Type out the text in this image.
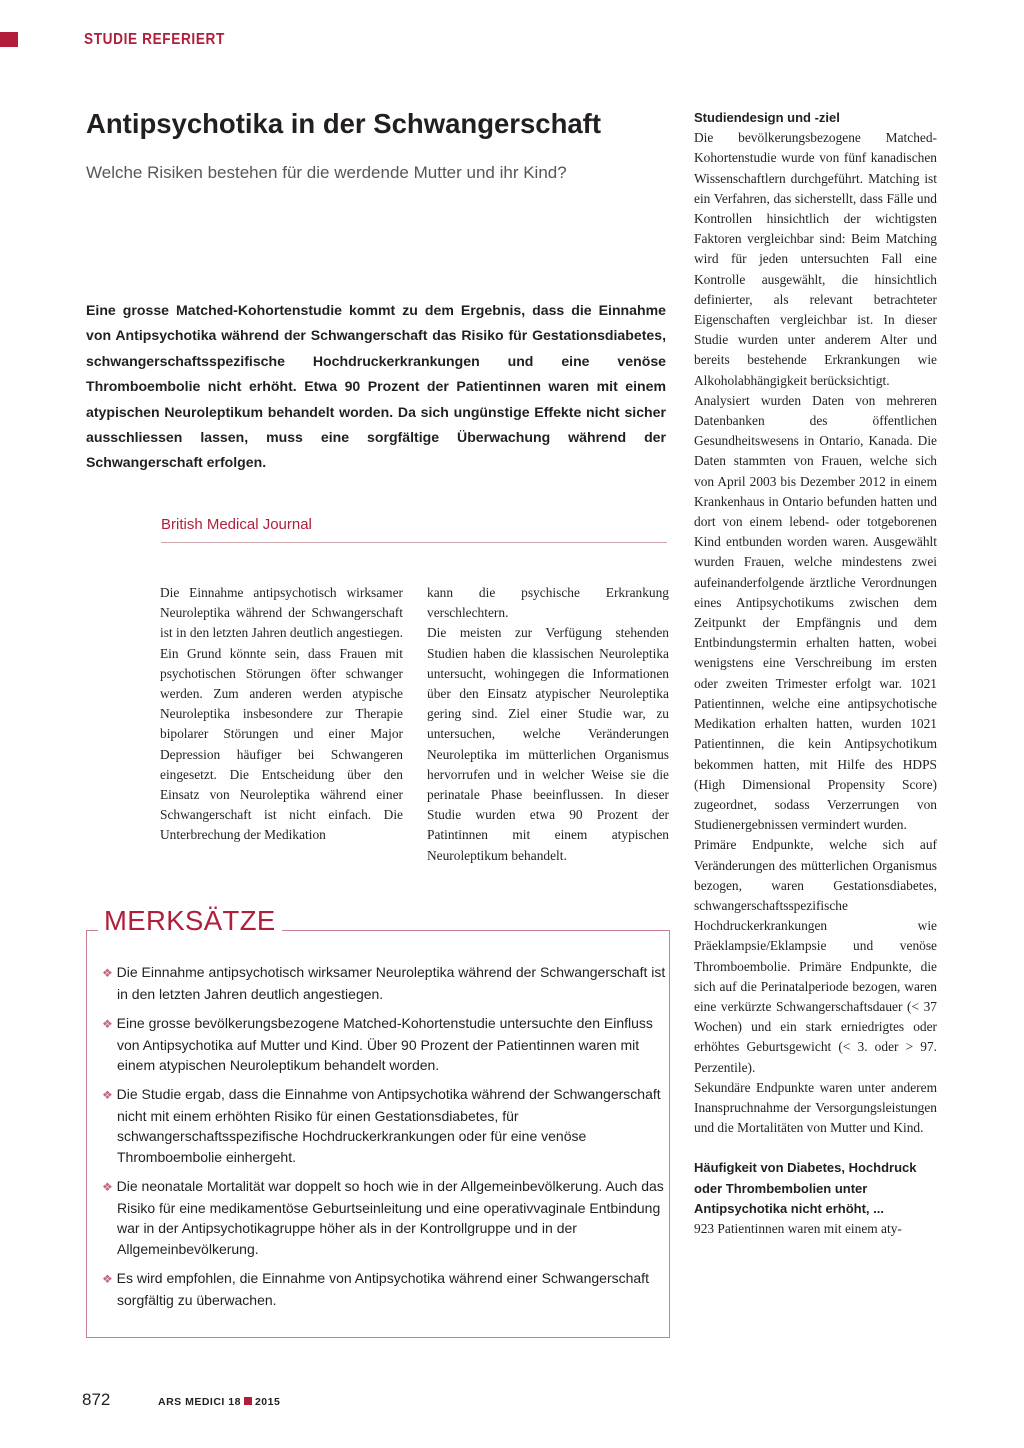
STUDIE REFERIERT
Antipsychotika in der Schwangerschaft
Welche Risiken bestehen für die werdende Mutter und ihr Kind?
Eine grosse Matched-Kohortenstudie kommt zu dem Ergebnis, dass die Einnahme von Antipsychotika während der Schwangerschaft das Risiko für Gestationsdiabetes, schwangerschaftsspezifische Hochdruckerkrankungen und eine venöse Thromboembolie nicht erhöht. Etwa 90 Prozent der Patientinnen waren mit einem atypischen Neuroleptikum behandelt worden. Da sich ungünstige Effekte nicht sicher ausschliessen lassen, muss eine sorgfältige Überwachung während der Schwangerschaft erfolgen.
British Medical Journal

Die Einnahme antipsychotisch wirksamer Neuroleptika während der Schwangerschaft ist in den letzten Jahren deutlich angestiegen. Ein Grund könnte sein, dass Frauen mit psychotischen Störungen öfter schwanger werden. Zum anderen werden atypische Neuroleptika insbesondere zur Therapie bipolarer Störungen und einer Major Depression häufiger bei Schwangeren eingesetzt. Die Entscheidung über den Einsatz von Neuroleptika während einer Schwangerschaft ist nicht einfach. Die Unterbrechung der Medikation

kann die psychische Erkrankung verschlechtern.

Die meisten zur Verfügung stehenden Studien haben die klassischen Neuroleptika untersucht, wohingegen die Informationen über den Einsatz atypischer Neuroleptika gering sind. Ziel einer Studie war, zu untersuchen, welche Veränderungen Neuroleptika im mütterlichen Organismus hervorrufen und in welcher Weise sie die perinatale Phase beeinflussen. In dieser Studie wurden etwa 90 Prozent der Patintinnen mit einem atypischen Neuroleptikum behandelt.

Studiendesign und -ziel

Die bevölkerungsbezogene Matched-Kohortenstudie wurde von fünf kanadischen Wissenschaftlern durchgeführt. Matching ist ein Verfahren, das sicherstellt, dass Fälle und Kontrollen hinsichtlich der wichtigsten Faktoren vergleichbar sind: Beim Matching wird für jeden untersuchten Fall eine Kontrolle ausgewählt, die hinsichtlich definierter, als relevant betrachteter Eigenschaften vergleichbar ist. In dieser Studie wurden unter anderem Alter und bereits bestehende Erkrankungen wie Alkoholabhängigkeit berücksichtigt.

Analysiert wurden Daten von mehreren Datenbanken des öffentlichen Gesundheitswesens in Ontario, Kanada. Die Daten stammten von Frauen, welche sich von April 2003 bis Dezember 2012 in einem Krankenhaus in Ontario befunden hatten und dort von einem lebend- oder totgeborenen Kind entbunden worden waren. Ausgewählt wurden Frauen, welche mindestens zwei aufeinanderfolgende ärztliche Verordnungen eines Antipsychotikums zwischen dem Zeitpunkt der Empfängnis und dem Entbindungstermin erhalten hatten, wobei wenigstens eine Verschreibung im ersten oder zweiten Trimester erfolgt war. 1021 Patientinnen, welche eine antipsychotische Medikation erhalten hatten, wurden 1021 Patientinnen, die kein Antipsychotikum bekommen hatten, mit Hilfe des HDPS (High Dimensional Propensity Score) zugeordnet, sodass Verzerrungen von Studienergebnissen vermindert wurden.

Primäre Endpunkte, welche sich auf Veränderungen des mütterlichen Organismus bezogen, waren Gestationsdiabetes, schwangerschaftsspezifische Hochdruckerkrankungen wie Präeklampsie/Eklampsie und venöse Thromboembolie. Primäre Endpunkte, die sich auf die Perinatalperiode bezogen, waren eine verkürzte Schwangerschaftsdauer (< 37 Wochen) und ein stark erniedrigtes oder erhöhtes Geburtsgewicht (< 3. oder > 97. Perzentile).

Sekundäre Endpunkte waren unter anderem Inanspruchnahme der Versorgungsleistungen und die Mortalitäten von Mutter und Kind.

Häufigkeit von Diabetes, Hochdruck oder Thrombembolien unter Antipsychotika nicht erhöht, ...

923 Patientinnen waren mit einem aty-

MERKSÄTZE
❖ Die Einnahme antipsychotisch wirksamer Neuroleptika während der Schwangerschaft ist in den letzten Jahren deutlich angestiegen.
❖ Eine grosse bevölkerungsbezogene Matched-Kohortenstudie untersuchte den Einfluss von Antipsychotika auf Mutter und Kind. Über 90 Prozent der Patientinnen waren mit einem atypischen Neuroleptikum behandelt worden.
❖ Die Studie ergab, dass die Einnahme von Antipsychotika während der Schwangerschaft nicht mit einem erhöhten Risiko für einen Gestationsdiabetes, für schwangerschaftsspezifische Hochdruckerkrankungen oder für eine venöse Thromboembolie einhergeht.
❖ Die neonatale Mortalität war doppelt so hoch wie in der Allgemeinbevölkerung. Auch das Risiko für eine medikamentöse Geburtseinleitung und eine operativvaginale Entbindung war in der Antipsychotikagruppe höher als in der Kontrollgruppe und in der Allgemeinbevölkerung.
❖ Es wird empfohlen, die Einnahme von Antipsychotika während einer Schwangerschaft sorgfältig zu überwachen.
872	ARS MEDICI 18 2015
